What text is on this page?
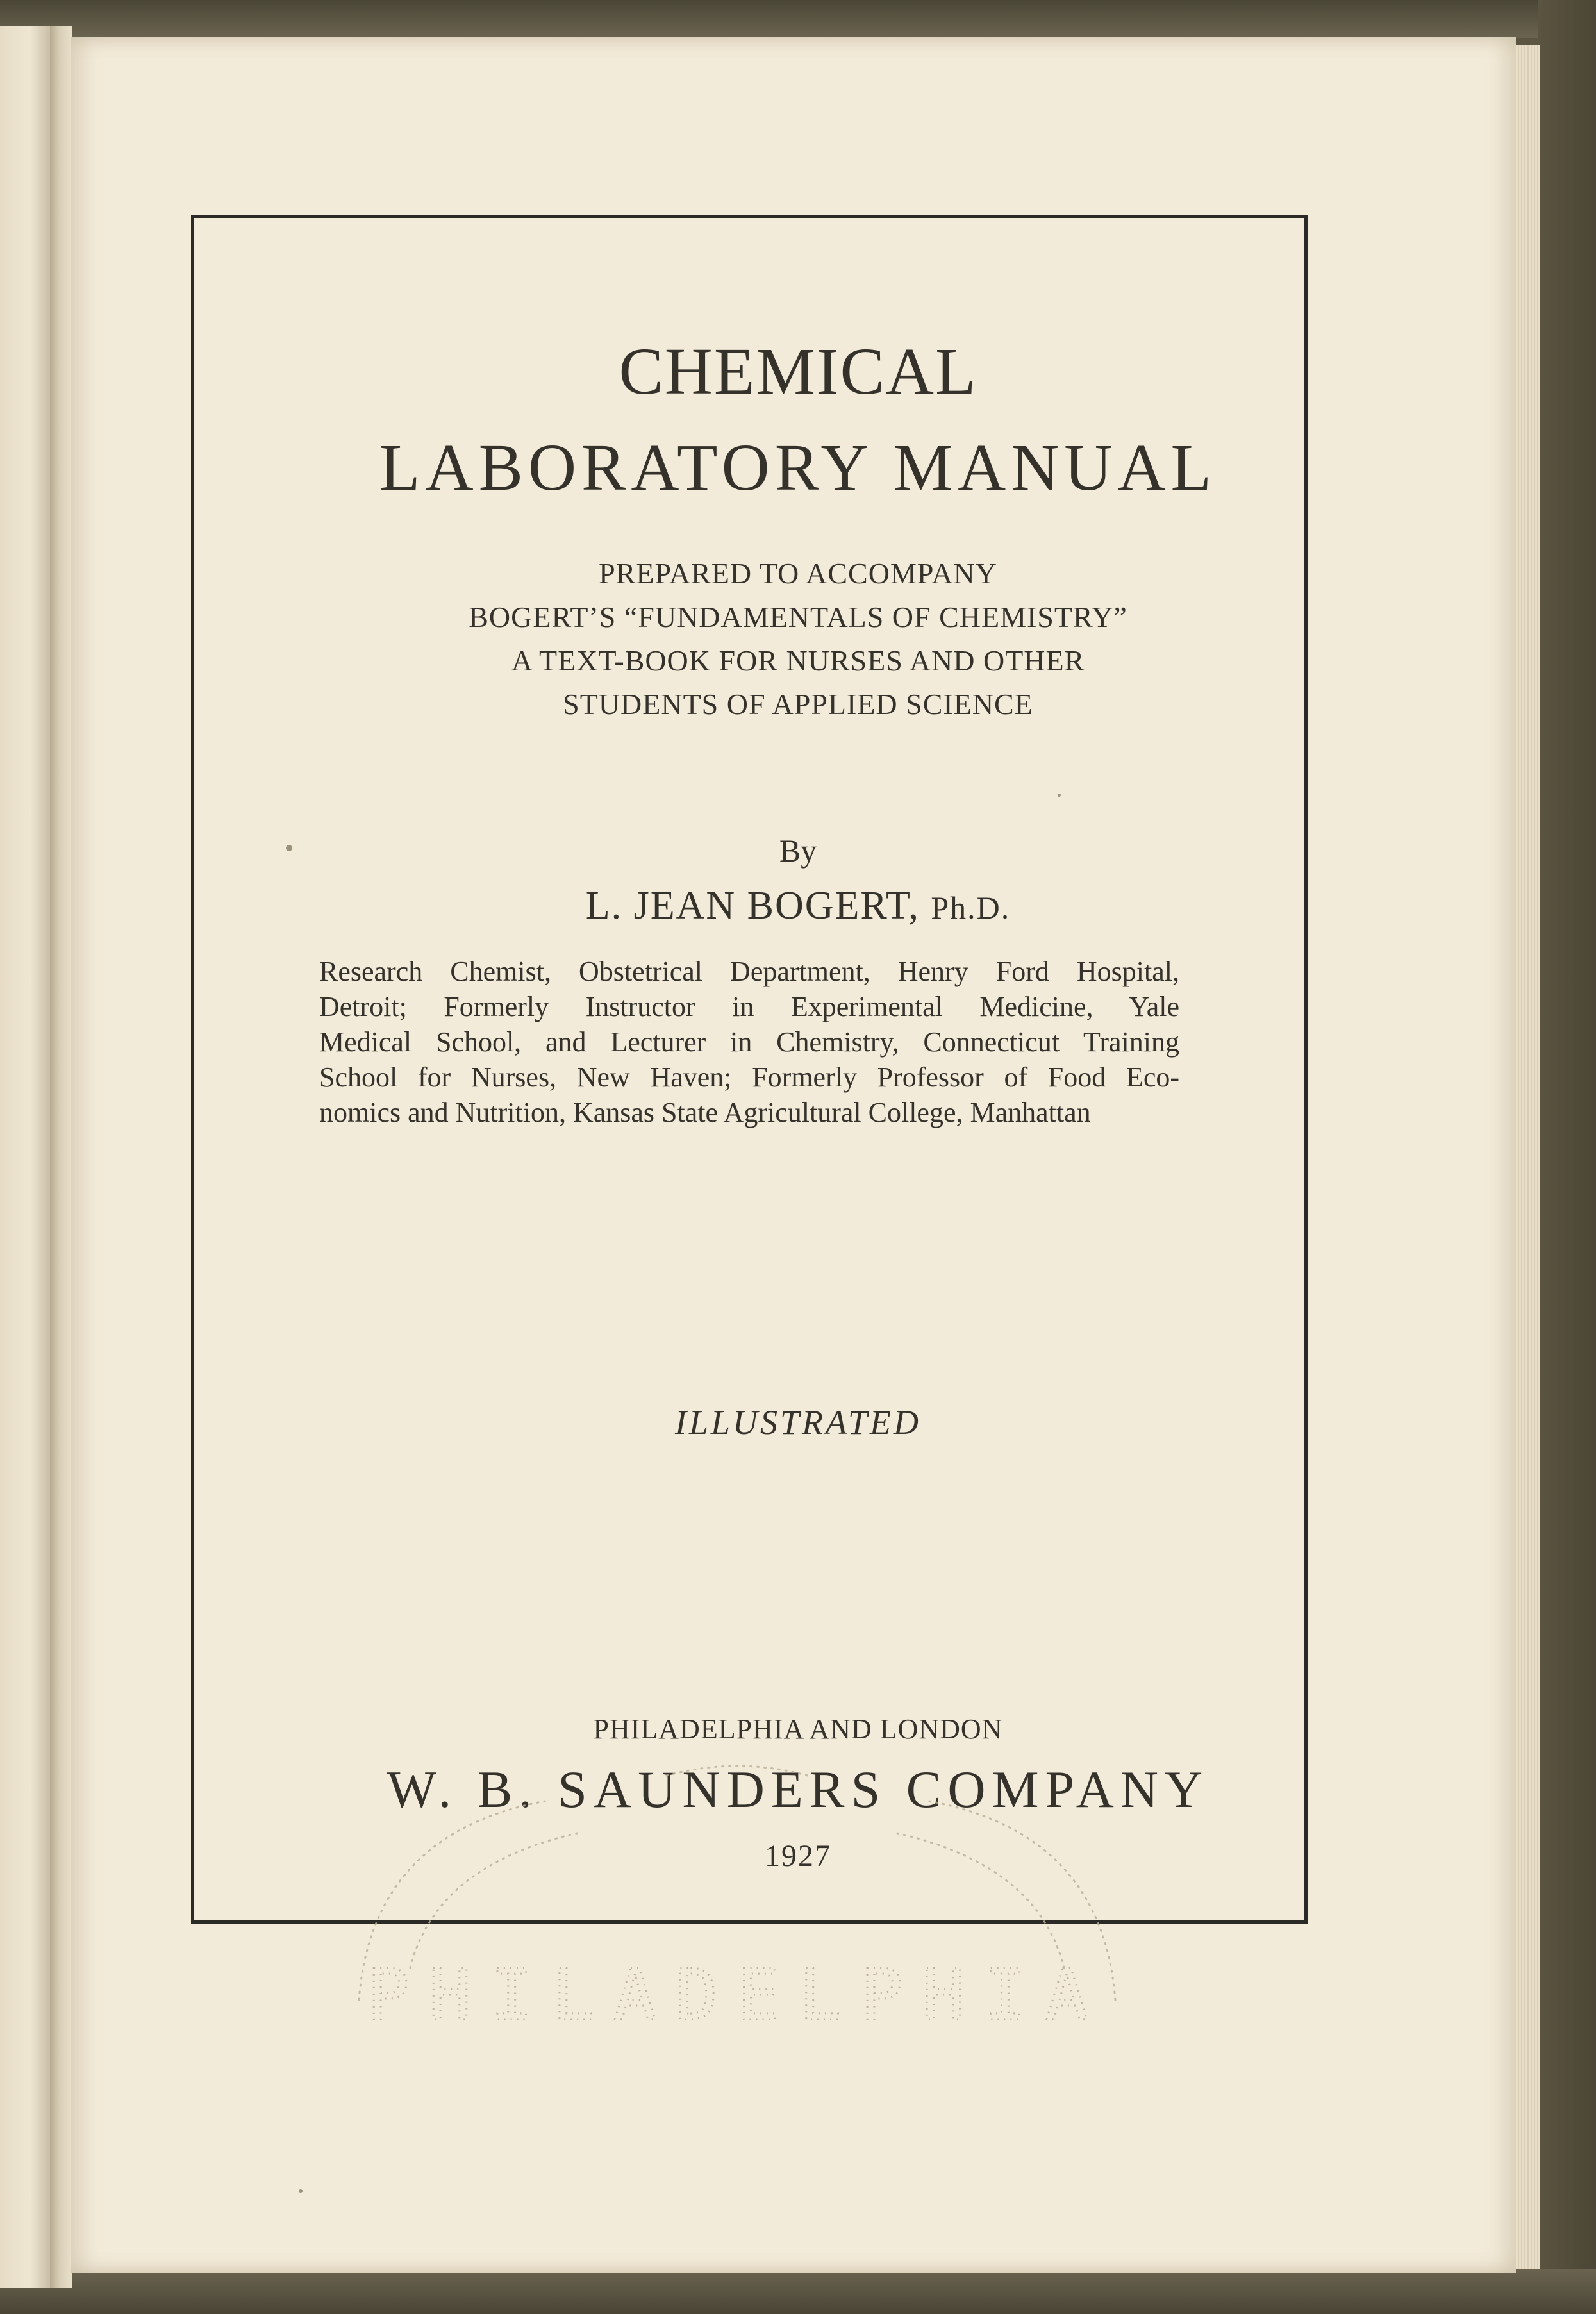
CHEMICAL
LABORATORY MANUAL
PREPARED TO ACCOMPANY
BOGERT’S “FUNDAMENTALS OF CHEMISTRY”
A TEXT-BOOK FOR NURSES AND OTHER
STUDENTS OF APPLIED SCIENCE
By
L. JEAN BOGERT, Ph.D.
Research Chemist, Obstetrical Department, Henry Ford Hospital,
Detroit; Formerly Instructor in Experimental Medicine, Yale
Medical School, and Lecturer in Chemistry, Connecticut Training
School for Nurses, New Haven; Formerly Professor of Food Eco-
nomics and Nutrition, Kansas State Agricultural College, Manhattan
ILLUSTRATED
PHILADELPHIA AND LONDON
W. B. SAUNDERS COMPANY
1927
PHILADELPHIA
